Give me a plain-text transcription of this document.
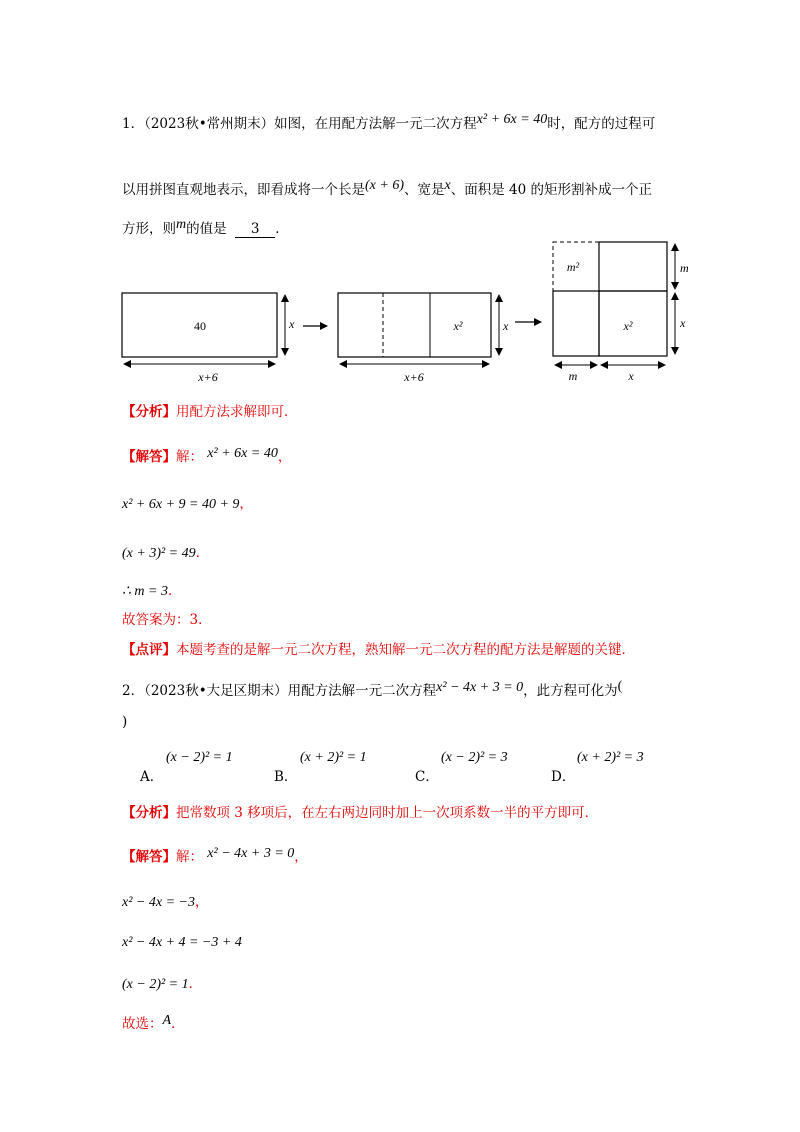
1．（2023秋•常州期末）如图，在用配方法解一元二次方程x² + 6x = 40时，配方的过程可
以用拼图直观地表示，即看成将一个长是(x + 6)、宽是x、面积是 40 的矩形割补成一个正
方形，则m的值是 3 ．
40	x
x+6
x²	x
x+6
m²
x²
m
x
m	x
【分析】用配方法求解即可．
【解答】解： x² + 6x = 40，
x² + 6x + 9 = 40 + 9，
(x + 3)² = 49．
∴ m = 3．
故答案为：3．
【点评】本题考查的是解一元二次方程，熟知解一元二次方程的配方法是解题的关键．
2．（2023秋•大足区期末）用配方法解一元二次方程x² − 4x + 3 = 0，此方程可化为(
)
(x − 2)² = 1
A．
(x + 2)² = 1
B．
(x − 2)² = 3
C．
(x + 2)² = 3
D．
【分析】把常数项 3 移项后，在左右两边同时加上一次项系数一半的平方即可．
【解答】解： x² − 4x + 3 = 0，
x² − 4x = −3，
x² − 4x + 4 = −3 + 4
(x − 2)² = 1．
故选：A．
